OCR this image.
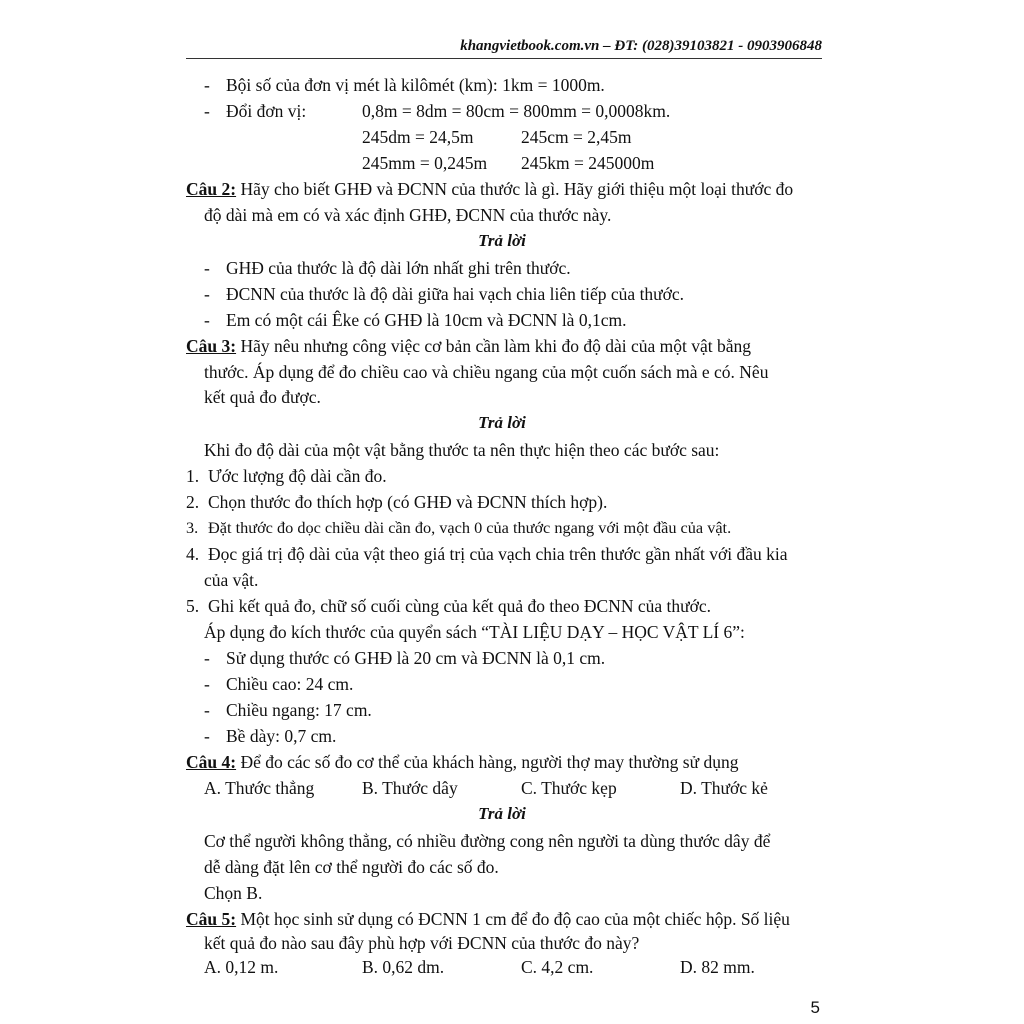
khangvietbook.com.vn – ĐT: (028)39103821 - 0903906848
- Bội số của đơn vị mét là kilômét (km): 1km = 1000m.
- Đổi đơn vị:	0,8m = 8dm = 80cm = 800mm = 0,0008km.
245dm = 24,5m	245cm = 2,45m
245mm = 0,245m 245km = 245000m
Câu 2: Hãy cho biết GHĐ và ĐCNN của thước là gì. Hãy giới thiệu một loại thước đo
độ dài mà em có và xác định GHĐ, ĐCNN của thước này.
Trả lời
- GHĐ của thước là độ dài lớn nhất ghi trên thước.
- ĐCNN của thước là độ dài giữa hai vạch chia liên tiếp của thước.
- Em có một cái Êke có GHĐ là 10cm và ĐCNN là 0,1cm.
Câu 3: Hãy nêu nhưng công việc cơ bản cần làm khi đo độ dài của một vật bằng
thước. Áp dụng để đo chiều cao và chiều ngang của một cuốn sách mà e có. Nêu
kết quả đo được.
Trả lời
Khi đo độ dài của một vật bằng thước ta nên thực hiện theo các bước sau:
1. Ước lượng độ dài cần đo.
2. Chọn thước đo thích hợp (có GHĐ và ĐCNN thích hợp).
3. Đặt thước đo dọc chiều dài cần đo, vạch 0 của thước ngang với một đầu của vật.
4. Đọc giá trị độ dài của vật theo giá trị của vạch chia trên thước gần nhất với đầu kia
của vật.
5. Ghi kết quả đo, chữ số cuối cùng của kết quả đo theo ĐCNN của thước.
Áp dụng đo kích thước của quyển sách “TÀI LIỆU DẠY – HỌC VẬT LÍ 6”:
- Sử dụng thước có GHĐ là 20 cm và ĐCNN là 0,1 cm.
- Chiều cao: 24 cm.
- Chiều ngang: 17 cm.
- Bề dày: 0,7 cm.
Câu 4: Để đo các số đo cơ thể của khách hàng, người thợ may thường sử dụng
A. Thước thẳng	B. Thước dây	C. Thước kẹp	D. Thước kẻ
Trả lời
Cơ thể người không thẳng, có nhiều đường cong nên người ta dùng thước dây để
dễ dàng đặt lên cơ thể người đo các số đo.
Chọn B.
Câu 5: Một học sinh sử dụng có ĐCNN 1 cm để đo độ cao của một chiếc hộp. Số liệu
kết quả đo nào sau đây phù hợp với ĐCNN của thước đo này?
A. 0,12 m.	B. 0,62 dm.	C. 4,2 cm.	D. 82 mm.
5
